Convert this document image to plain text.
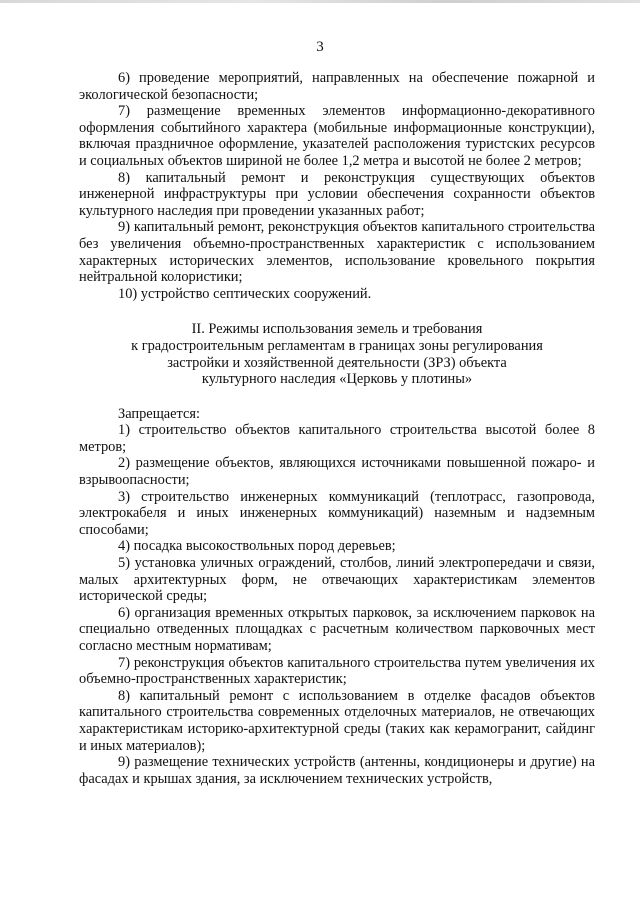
3

6) проведение мероприятий, направленных на обеспечение пожарной и экологической безопасности;

7) размещение временных элементов информационно-декоративного оформления событийного характера (мобильные информационные конструкции), включая праздничное оформление, указателей расположения туристских ресурсов и социальных объектов шириной не более 1,2 метра и высотой не более 2 метров;

8) капитальный ремонт и реконструкция существующих объектов инженерной инфраструктуры при условии обеспечения сохранности объектов культурного наследия при проведении указанных работ;

9) капитальный ремонт, реконструкция объектов капитального строительства без увеличения объемно-пространственных характеристик с использованием характерных исторических элементов, использование кровельного покрытия нейтральной колористики;

10) устройство септических сооружений.

II. Режимы использования земель и требования
к градостроительным регламентам в границах зоны регулирования
застройки и хозяйственной деятельности (ЗРЗ) объекта
культурного наследия «Церковь у плотины»

Запрещается:

1) строительство объектов капитального строительства высотой более 8 метров;

2) размещение объектов, являющихся источниками повышенной пожаро- и взрывоопасности;

3) строительство инженерных коммуникаций (теплотрасс, газопровода, электрокабеля и иных инженерных коммуникаций) наземным и надземным способами;

4) посадка высокоствольных пород деревьев;

5) установка уличных ограждений, столбов, линий электропередачи и связи, малых архитектурных форм, не отвечающих характеристикам элементов исторической среды;

6) организация временных открытых парковок, за исключением парковок на специально отведенных площадках с расчетным количеством парковочных мест согласно местным нормативам;

7) реконструкция объектов капитального строительства путем увеличения их объемно-пространственных характеристик;

8) капитальный ремонт с использованием в отделке фасадов объектов капитального строительства современных отделочных материалов, не отвечающих характеристикам историко-архитектурной среды (таких как керамогранит, сайдинг и иных материалов);

9) размещение технических устройств (антенны, кондиционеры и другие) на фасадах и крышах здания, за исключением технических устройств,
